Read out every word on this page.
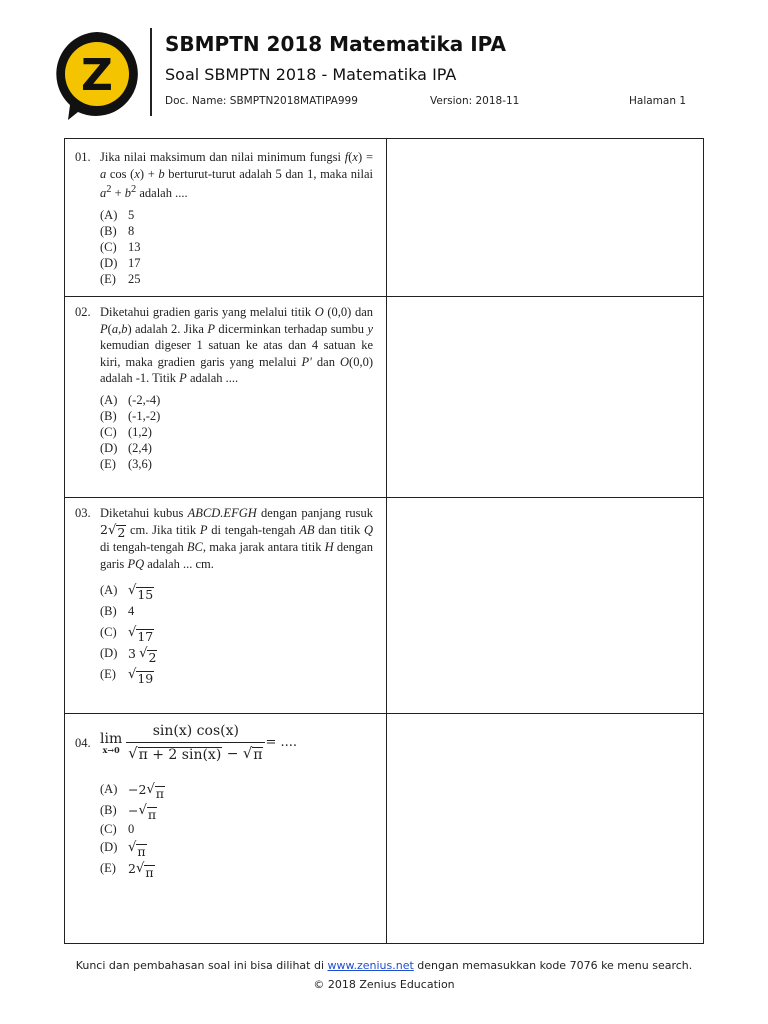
Z
SBMPTN 2018 Matematika IPA
Soal SBMPTN 2018 - Matematika IPA
Doc. Name: SBMPTN2018MATIPA999	Version: 2018-11	Halaman 1
01. Jika nilai maksimum dan nilai minimum fungsi f(x) = a cos (x) + b berturut-turut adalah 5 dan 1, maka nilai $a^2 + b^2$ adalah ....
(A) 5
(B) 8
(C) 13
(D) 17
(E) 25
02. Diketahui gradien garis yang melalui titik O (0,0) dan P(a,b) adalah 2. Jika P dicerminkan terhadap sumbu y kemudian digeser 1 satuan ke atas dan 4 satuan ke kiri, maka gradien garis yang melalui P' dan O(0,0) adalah -1. Titik P adalah ....
(A) (-2,-4)
(B) (-1,-2)
(C) (1,2)
(D) (2,4)
(E) (3,6)
03. Diketahui kubus ABCD.EFGH dengan panjang rusuk 2 √ 2 cm. Jika titik P di tengah-tengah AB dan titik Q di tengah-tengah BC, maka jarak antara titik H dengan garis PQ adalah ... cm.
(A) √ 15
(B) 4
(C) √ 17
(D) 3
√ 2
(E) √ 19
04. lim
$x\to 0 \frac{\sin(x) \cos(x)}{√ \pi + 2 \sin(x) - √ \pi}$ = ....
(A) −2 √ π
(B) − √ π
(C) 0
(D) √ π
(E) 2 √ π
Kunci dan pembahasan soal ini bisa dilihat di www.zenius.net dengan memasukkan kode 7076 ke menu search.
© 2018 Zenius Education
